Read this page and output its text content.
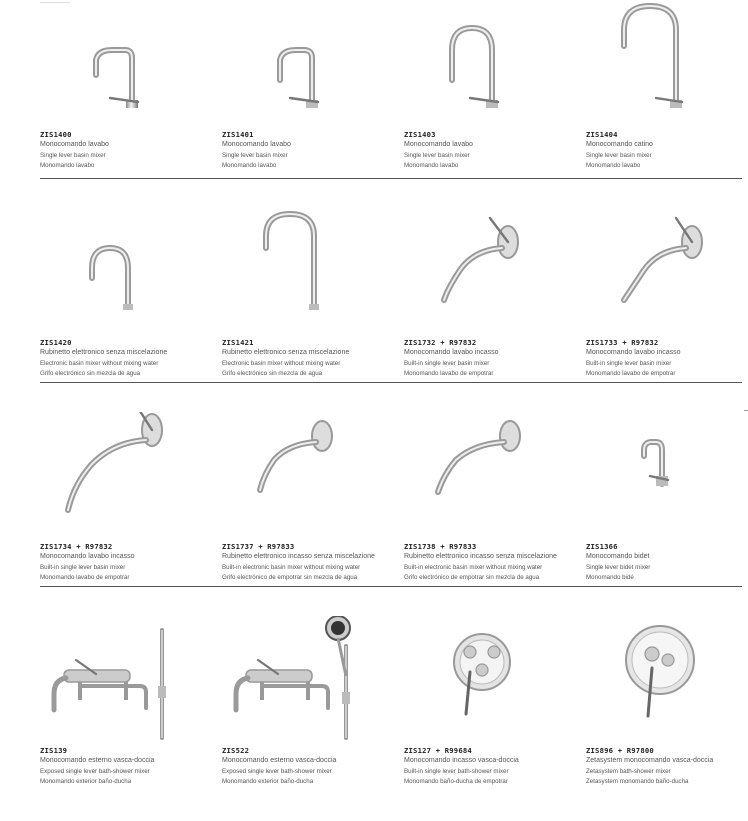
―――――
ZIS1400
Monocomando lavabo
Single lever basin mixer
Monomando lavabo
ZIS1401
Monocomando lavabo
Single lever basin mixer
Monomando lavabo
ZIS1403
Monocomando lavabo
Single lever basin mixer
Monomando lavabo
ZIS1404
Monocomando catino
Single lever basin mixer
Monomando lavabo
ZIS1420
Rubinetto elettronico senza miscelazione
Electronic basin mixer without mixing water
Grifo electrónico sin mezcla de agua
ZIS1421
Rubinetto elettronico senza miscelazione
Electronic basin mixer without mixing water
Grifo electrónico sin mezcla de agua
ZIS1732 + R97832
Monocomando lavabo incasso
Built-in single lever basin mixer
Monomando lavabo de empotrar
ZIS1733 + R97832
Monocomando lavabo incasso
Built-in single lever basin mixer
Monomando lavabo de empotrar
ZIS1734 + R97832
Monocomando lavabo incasso
Built-in single lever basin mixer
Monomando lavabo de empotrar
ZIS1737 + R97833
Rubinetto elettronico incasso senza miscelazione
Built-in electronic basin mixer without mixing water
Grifo electrónico de empotrar sin mezcla de agua
ZIS1738 + R97833
Rubinetto elettronico incasso senza miscelazione
Built-in electronic basin mixer without mixing water
Grifo electrónico de empotrar sin mezcla de agua
ZIS1366
Monocomando bidet
Single lever bidet mixer
Monomando bidé
ZIS139
Monocomando esterno vasca-doccia
Exposed single lever bath-shower mixer
Monomando exterior baño-ducha
ZIS522
Monocomando esterno vasca-doccia
Exposed single lever bath-shower mixer
Monomando exterior baño-ducha
ZIS127 + R99684
Monocomando incasso vasca-doccia
Built-in single lever bath-shower mixer
Monomando baño-ducha de empotrar
ZIS896 + R97800
Zetasystem monocomando vasca-doccia
Zetasystem bath-shower mixer
Zetasystem monomando baño-ducha
